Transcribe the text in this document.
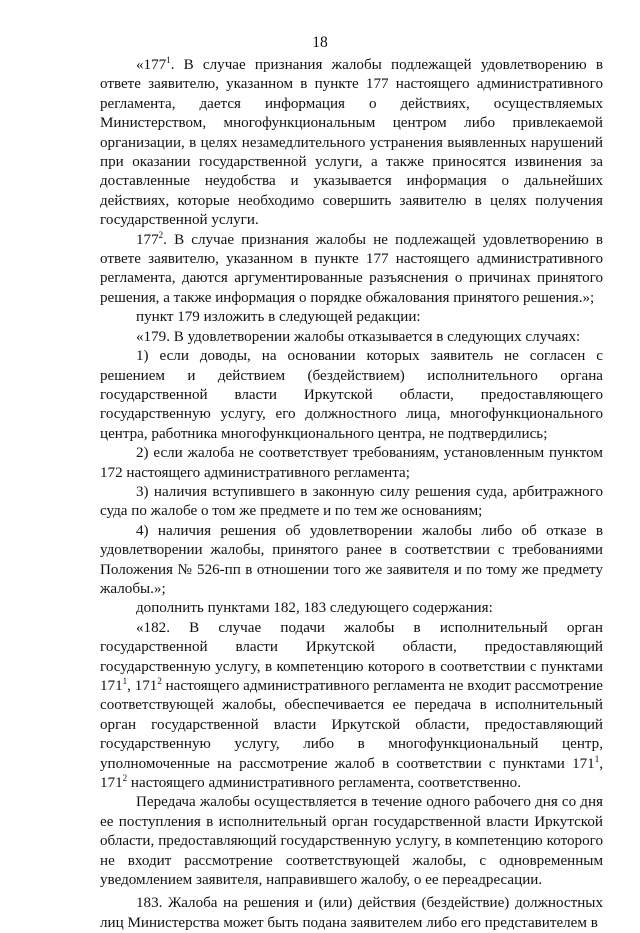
18

«$177^1$. В случае признания жалобы подлежащей удовлетворению в ответе заявителю, указанном в пункте 177 настоящего административного регламента, дается информация о действиях, осуществляемых Министерством, многофункциональным центром либо привлекаемой организации, в целях незамедлительного устранения выявленных нарушений при оказании государственной услуги, а также приносятся извинения за доставленные неудобства и указывается информация о дальнейших действиях, которые необходимо совершить заявителю в целях получения государственной услуги.

$177^2$. В случае признания жалобы не подлежащей удовлетворению в ответе заявителю, указанном в пункте 177 настоящего административного регламента, даются аргументированные разъяснения о причинах принятого решения, а также информация о порядке обжалования принятого решения.»;

пункт 179 изложить в следующей редакции:

«179. В удовлетворении жалобы отказывается в следующих случаях:

1) если доводы, на основании которых заявитель не согласен с решением и действием (бездействием) исполнительного органа государственной власти Иркутской области, предоставляющего государственную услугу, его должностного лица, многофункционального центра, работника многофункционального центра, не подтвердились;

2) если жалоба не соответствует требованиям, установленным пунктом 172 настоящего административного регламента;

3) наличия вступившего в законную силу решения суда, арбитражного суда по жалобе о том же предмете и по тем же основаниям;

4) наличия решения об удовлетворении жалобы либо об отказе в удовлетворении жалобы, принятого ранее в соответствии с требованиями Положения № 526-пп в отношении того же заявителя и по тому же предмету жалобы.»;

дополнить пунктами 182, 183 следующего содержания:

«182. В случае подачи жалобы в исполнительный орган государственной власти Иркутской области, предоставляющий государственную услугу, в компетенцию которого в соответствии с пунктами $171^1$, $171^2$ настоящего административного регламента не входит рассмотрение соответствующей жалобы, обеспечивается ее передача в исполнительный орган государственной власти Иркутской области, предоставляющий государственную услугу, либо в многофункциональный центр, уполномоченные на рассмотрение жалоб в соответствии с пунктами $171^1$, $171^2$ настоящего административного регламента, соответственно.

Передача жалобы осуществляется в течение одного рабочего дня со дня ее поступления в исполнительный орган государственной власти Иркутской области, предоставляющий государственную услугу, в компетенцию которого не входит рассмотрение соответствующей жалобы, с одновременным уведомлением заявителя, направившего жалобу, о ее переадресации.

183. Жалоба на решения и (или) действия (бездействие) должностных лиц Министерства может быть подана заявителем либо его представителем в
